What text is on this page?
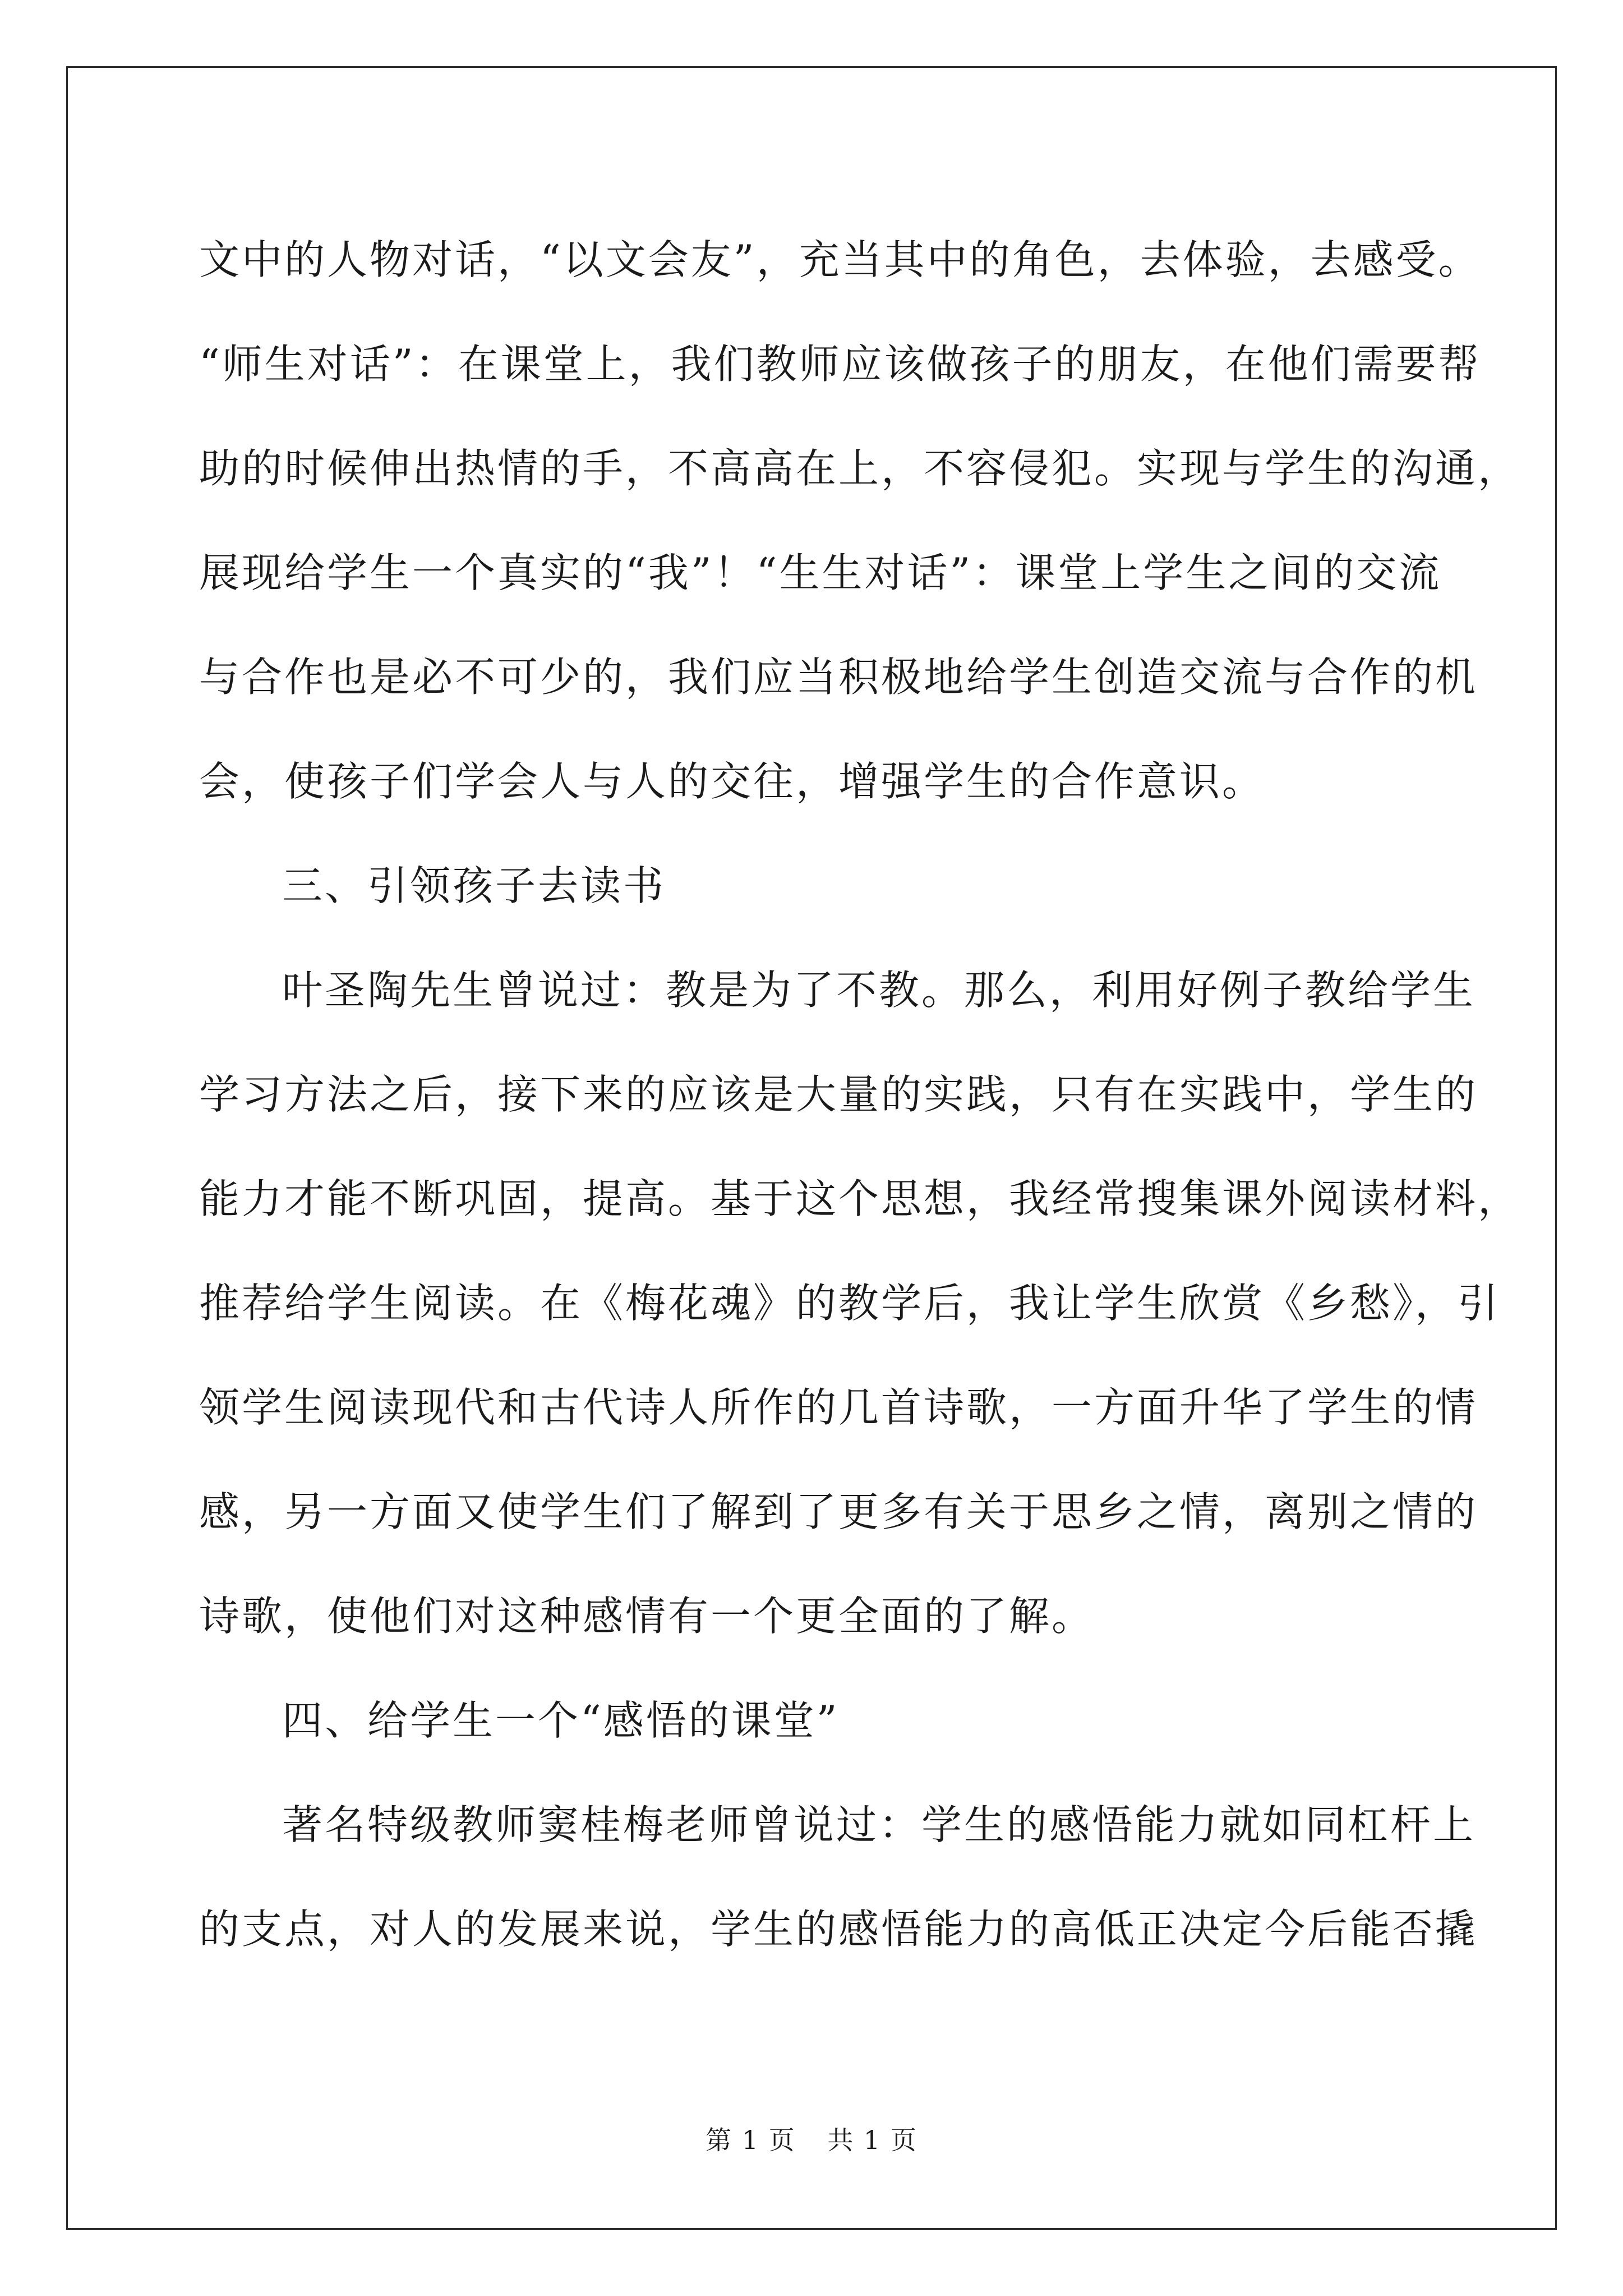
文中的人物对话，“以文会友”，充当其中的角色，去体验，去感受。
“师生对话”：在课堂上，我们教师应该做孩子的朋友，在他们需要帮
助的时候伸出热情的手，不高高在上，不容侵犯。实现与学生的沟通，
展现给学生一个真实的“我”！“生生对话”：课堂上学生之间的交流
与合作也是必不可少的，我们应当积极地给学生创造交流与合作的机
会，使孩子们学会人与人的交往，增强学生的合作意识。
三、引领孩子去读书
叶圣陶先生曾说过：教是为了不教。那么，利用好例子教给学生
学习方法之后，接下来的应该是大量的实践，只有在实践中，学生的
能力才能不断巩固，提高。基于这个思想，我经常搜集课外阅读材料，
推荐给学生阅读。在《梅花魂》的教学后，我让学生欣赏《乡愁》，引
领学生阅读现代和古代诗人所作的几首诗歌，一方面升华了学生的情
感，另一方面又使学生们了解到了更多有关于思乡之情，离别之情的
诗歌，使他们对这种感情有一个更全面的了解。
四、给学生一个“感悟的课堂”
著名特级教师窦桂梅老师曾说过：学生的感悟能力就如同杠杆上
的支点，对人的发展来说，学生的感悟能力的高低正决定今后能否撬
第 1 页 共 1 页
